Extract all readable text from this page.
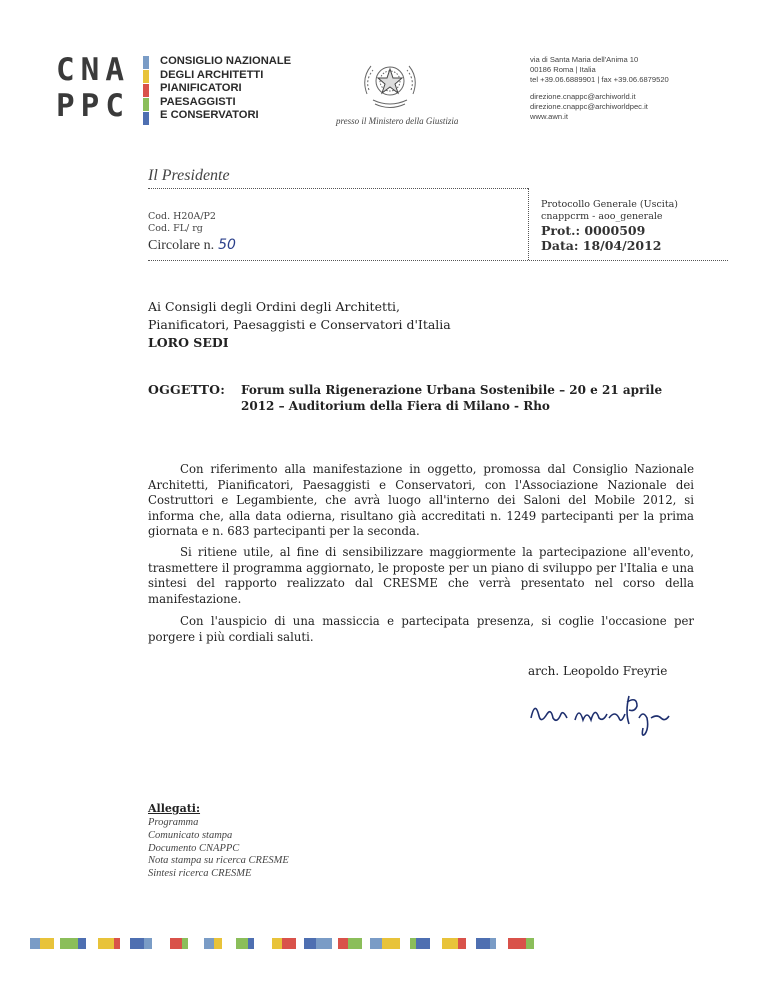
CNA
PPC
CONSIGLIO NAZIONALE
DEGLI ARCHITETTI
PIANIFICATORI
PAESAGGISTI
E CONSERVATORI	presso il Ministero della Giustizia
via di Santa Maria dell'Anima 10
00186 Roma | Italia
tel +39.06.6889901 | fax +39.06.6879520
direzione.cnappc@archiworld.it
direzione.cnappc@archiworldpec.it
www.awn.it
Il Presidente
Cod. H20A/P2
Cod. FL/ rg
Circolare n. 50
Protocollo Generale (Uscita)
cnappcrm - aoo_generale
Prot.: 0000509
Data: 18/04/2012
Ai Consigli degli Ordini degli Architetti,
Pianificatori, Paesaggisti e Conservatori d'Italia
LORO SEDI
OGGETTO: Forum sulla Rigenerazione Urbana Sostenibile – 20 e 21 aprile 2012 – Auditorium della Fiera di Milano - Rho
Con riferimento alla manifestazione in oggetto, promossa dal Consiglio Nazionale Architetti, Pianificatori, Paesaggisti e Conservatori, con l'Associazione Nazionale dei Costruttori e Legambiente, che avrà luogo all'interno dei Saloni del Mobile 2012, si informa che, alla data odierna, risultano già accreditati n. 1249 partecipanti per la prima giornata e n. 683 partecipanti per la seconda.
Si ritiene utile, al fine di sensibilizzare maggiormente la partecipazione all'evento, trasmettere il programma aggiornato, le proposte per un piano di sviluppo per l'Italia e una sintesi del rapporto realizzato dal CRESME che verrà presentato nel corso della manifestazione.
Con l'auspicio di una massiccia e partecipata presenza, si coglie l'occasione per porgere i più cordiali saluti.
arch. Leopoldo Freyrie
Allegati:
Programma
Comunicato stampa
Documento CNAPPC
Nota stampa su ricerca CRESME
Sintesi ricerca CRESME
